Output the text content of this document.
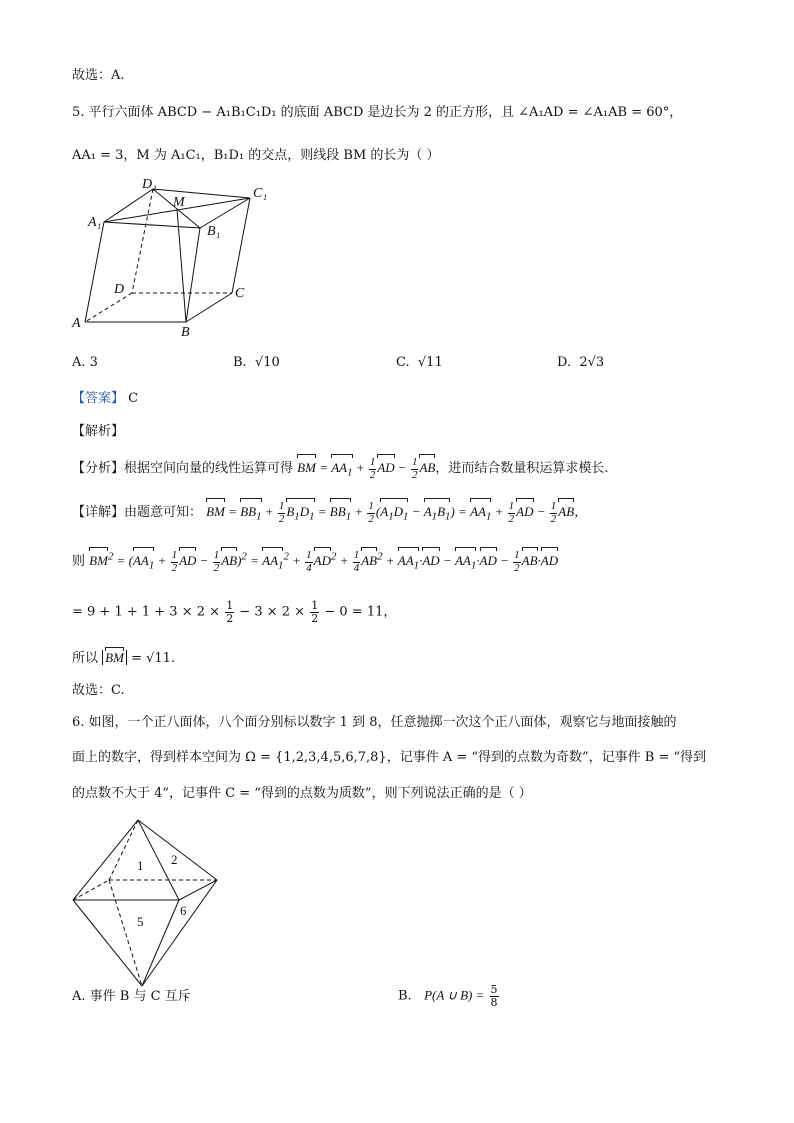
故选：A.
5. 平行六面体 ABCD − A₁B₁C₁D₁ 的底面 ABCD 是边长为 2 的正方形，且 ∠A₁AD = ∠A₁AB = 60°，
AA₁ = 3，M 为 A₁C₁，B₁D₁ 的交点，则线段 BM 的长为（ ）
A
B
C
D
A₁
B₁
C₁
D₁
M
A. 3	B. √10	C. √11	D. 2√3
【答案】 C
【解析】
【分析】根据空间向量的线性运算可得 BM = $AA_1 + \frac{1}{2}$ AD − $\frac{1}{2}$ AB，进而结合数量积运算求模长.
【详解】由题意可知： BM = $BB_1 + \frac{1}{2} B_1D_1 = BB_1 + \frac{1}{2} (A_1D_1 - A_1B_1) = AA_1 + \frac{1}{2}$ AD − $\frac{1}{2}$ AB，
则 $BM^2 = (AA_1 + \frac{1}{2}$ AD − $\frac{1}{2} AB)^2 = AA_1^2 + \frac{1}{4} AD^2 + \frac{1}{4} AB^2 + AA_1\cdot AD - AA_1\cdot AD - \frac{1}{2} AB\cdot AD$
= $9 + 1 + 1 + 3 \times 2 \times \frac{1}{2} - 3 \times 2 \times \frac{1}{2} - 0 = 11$，
所以 BM = √11.
故选：C.
6. 如图，一个正八面体，八个面分别标以数字 1 到 8，任意抛掷一次这个正八面体，观察它与地面接触的
面上的数字，得到样本空间为 Ω = {1,2,3,4,5,6,7,8}，记事件 A = “得到的点数为奇数”，记事件 B = “得到
的点数不大于 4”，记事件 C = “得到的点数为质数”，则下列说法正确的是（ ）
1 2
5
6
A. 事件 B 与 C 互斥	B. P(A ∪ $B) = \frac{5}{8}$
